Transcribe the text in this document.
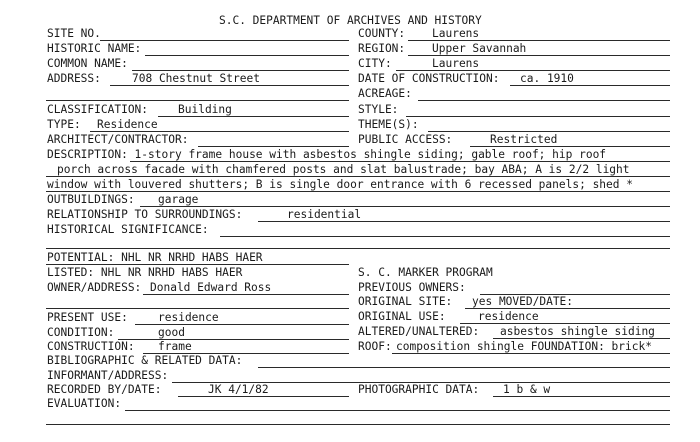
S.C. DEPARTMENT OF ARCHIVES AND HISTORY
SITE NO.	COUNTY: Laurens
HISTORIC NAME:	REGION: Upper Savannah
COMMON NAME:	CITY:	Laurens
ADDRESS:	708 Chestnut Street	DATE OF CONSTRUCTION: ca. 1910
ACREAGE:
CLASSIFICATION:	Building	STYLE:
TYPE: Residence	THEME(S):
ARCHITECT/CONTRACTOR:	PUBLIC ACCESS:	Restricted
DESCRIPTION: 1-story frame house with asbestos shingle siding; gable roof; hip roof
porch across facade with chamfered posts and slat balustrade; bay ABA; A is 2/2 light
window with louvered shutters; B is single door entrance with 6 recessed panels; shed *
OUTBUILDINGS: garage
RELATIONSHIP TO SURROUNDINGS:	residential
HISTORICAL SIGNIFICANCE:
POTENTIAL: NHL NR NRHD HABS HAER
LISTED: NHL NR NRHD HABS HAER	S. C. MARKER PROGRAM
OWNER/ADDRESS: Donald Edward Ross	PREVIOUS OWNERS:
ORIGINAL SITE: yes MOVED/DATE:
PRESENT USE:	residence	ORIGINAL USE:	residence
CONDITION:	good	ALTERED/UNALTERED: asbestos shingle siding
CONSTRUCTION: frame	ROOF: composition shingle FOUNDATION: brick*
BIBLIOGRAPHIC & RELATED DATA:
INFORMANT/ADDRESS:
RECORDED BY/DATE:	JK 4/1/82	PHOTOGRAPHIC DATA: 1 b & w
EVALUATION:
